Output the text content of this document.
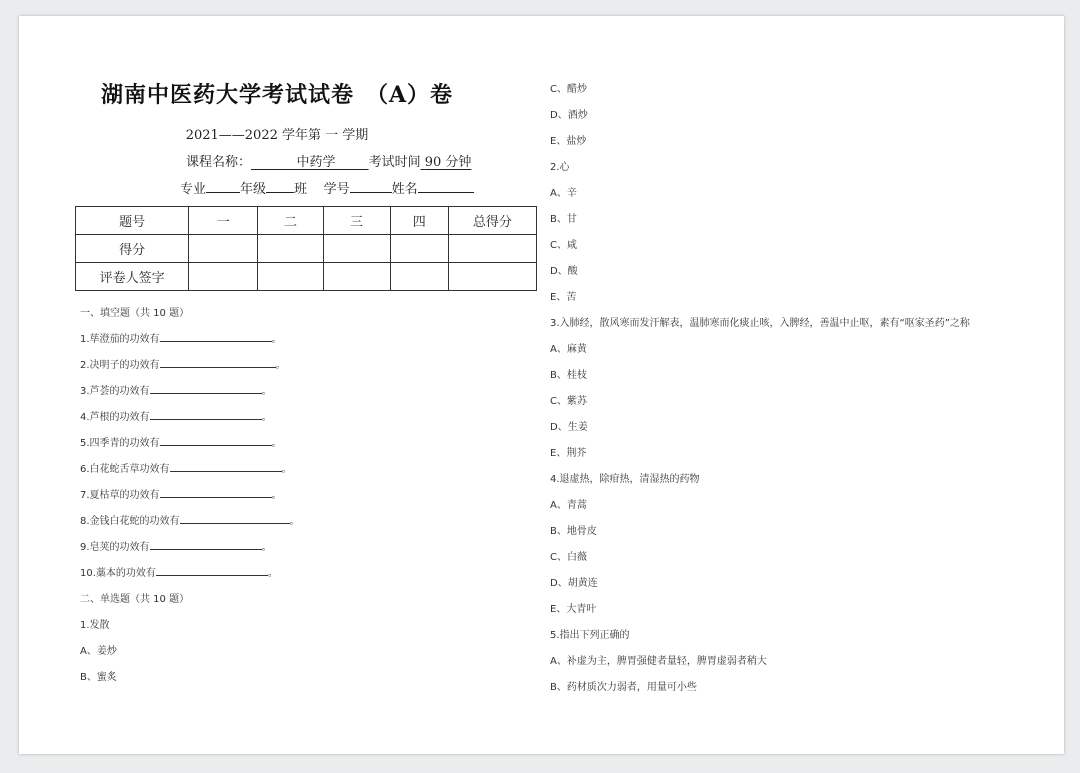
湖南中医药大学考试试卷　（A）卷
2021——2022 学年第 一 学期
课程名称：	中药学	考试时间 90 分钟
专业	年级 班 学号	姓名
题号	一	二	三	四	总得分
得分					
评卷人签字					
一、填空题（共 10 题）
1.荜澄茄的功效有	。
2.决明子的功效有	。
3.芦荟的功效有	。
4.芦根的功效有	。
5.四季青的功效有	。
6.白花蛇舌草功效有	。
7.夏枯草的功效有	。
8.金钱白花蛇的功效有	。
9.皂荚的功效有	。
10.藁本的功效有	。
二、单选题（共 10 题）
1.发散
A、姜炒
B、蜜炙
C、醋炒
D、酒炒
E、盐炒
2.心
A、辛
B、甘
C、咸
D、酸
E、苦
3.入肺经，散风寒而发汗解表，温肺寒而化痰止咳，入脾经，善温中止呕，素有“呕家圣药”之称
A、麻黄
B、桂枝
C、紫苏
D、生姜
E、荆芥
4.退虚热，除疳热，清湿热的药物
A、青蒿
B、地骨皮
C、白薇
D、胡黄连
E、大青叶
5.指出下列正确的
A、补虚为主，脾胃强健者量轻，脾胃虚弱者稍大
B、药材质次力弱者，用量可小些
